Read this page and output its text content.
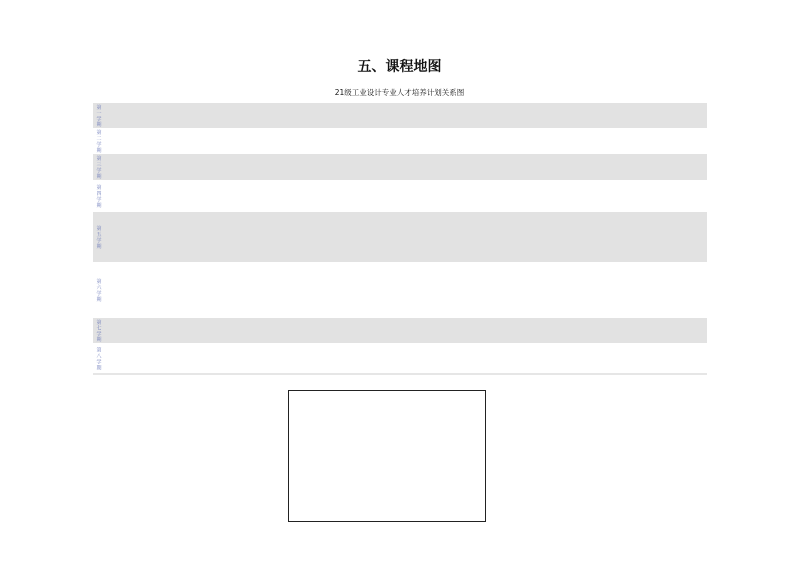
五、课程地图
21级工业设计专业人才培养计划关系图
第
一
学
期
第
二
学
期
第
三
学
期
第
四
学
期
第
五
学
期
第
六
学
期
第
七
学
期
第
八
学
期
